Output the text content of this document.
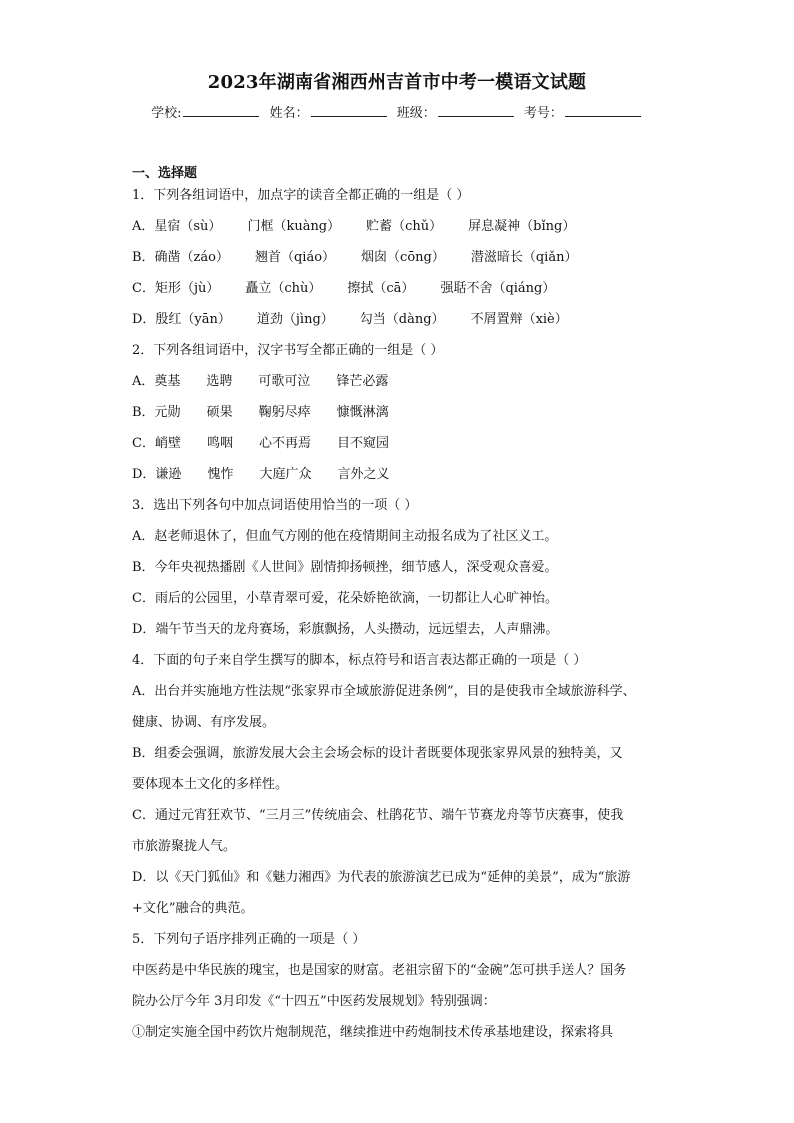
2023年湖南省湘西州吉首市中考一模语文试题
学校:	姓名：	班级：	考号：
一、选择题
1．下列各组词语中，加点字的读音全都正确的一组是（ ）
A．星宿（sù） 门框（kuàng） 贮蓄（chǔ） 屏息凝神（bǐng）
B．确凿（záo） 翘首（qiáo） 烟囱（cōng） 潜滋暗长（qiǎn）
C．矩形（jù） 矗立（chù） 擦拭（cā） 强聒不舍（qiáng）
D．殷红（yān） 道劲（jìng） 勾当（dàng） 不屑置辩（xiè）
2．下列各组词语中，汉字书写全都正确的一组是（ ）
A．奠基 选聘 可歌可泣 锋芒必露
B．元勋 硕果 鞠躬尽瘁 慷慨淋漓
C．峭壁 鸣咽 心不再焉 目不窥园
D．谦逊 愧怍 大庭广众 言外之义
3．选出下列各句中加点词语使用恰当的一项（ ）
A．赵老师退休了，但血气方刚的他在疫情期间主动报名成为了社区义工。
B．今年央视热播剧《人世间》剧情抑扬顿挫，细节感人，深受观众喜爱。
C．雨后的公园里，小草青翠可爱，花朵娇艳欲滴，一切都让人心旷神怡。
D．端午节当天的龙舟赛场，彩旗飘扬，人头攒动，远远望去，人声鼎沸。
4．下面的句子来自学生撰写的脚本，标点符号和语言表达都正确的一项是（ ）
A．出台并实施地方性法规“张家界市全域旅游促进条例”，目的是使我市全域旅游科学、
健康、协调、有序发展。
B．组委会强调，旅游发展大会主会场会标的设计者既要体现张家界风景的独特美，又
要体现本土文化的多样性。
C．通过元宵狂欢节、“三月三”传统庙会、杜鹃花节、端午节赛龙舟等节庆赛事，使我
市旅游聚拢人气。
D．以《天门狐仙》和《魅力湘西》为代表的旅游演艺已成为“延伸的美景”，成为“旅游
+文化”融合的典范。
5．下列句子语序排列正确的一项是（ ）
中医药是中华民族的瑰宝，也是国家的财富。老祖宗留下的“金碗”怎可拱手送人？国务
院办公厅今年 3月印发《“十四五”中医药发展规划》特别强调：
①制定实施全国中药饮片炮制规范，继续推进中药炮制技术传承基地建设，探索将具
